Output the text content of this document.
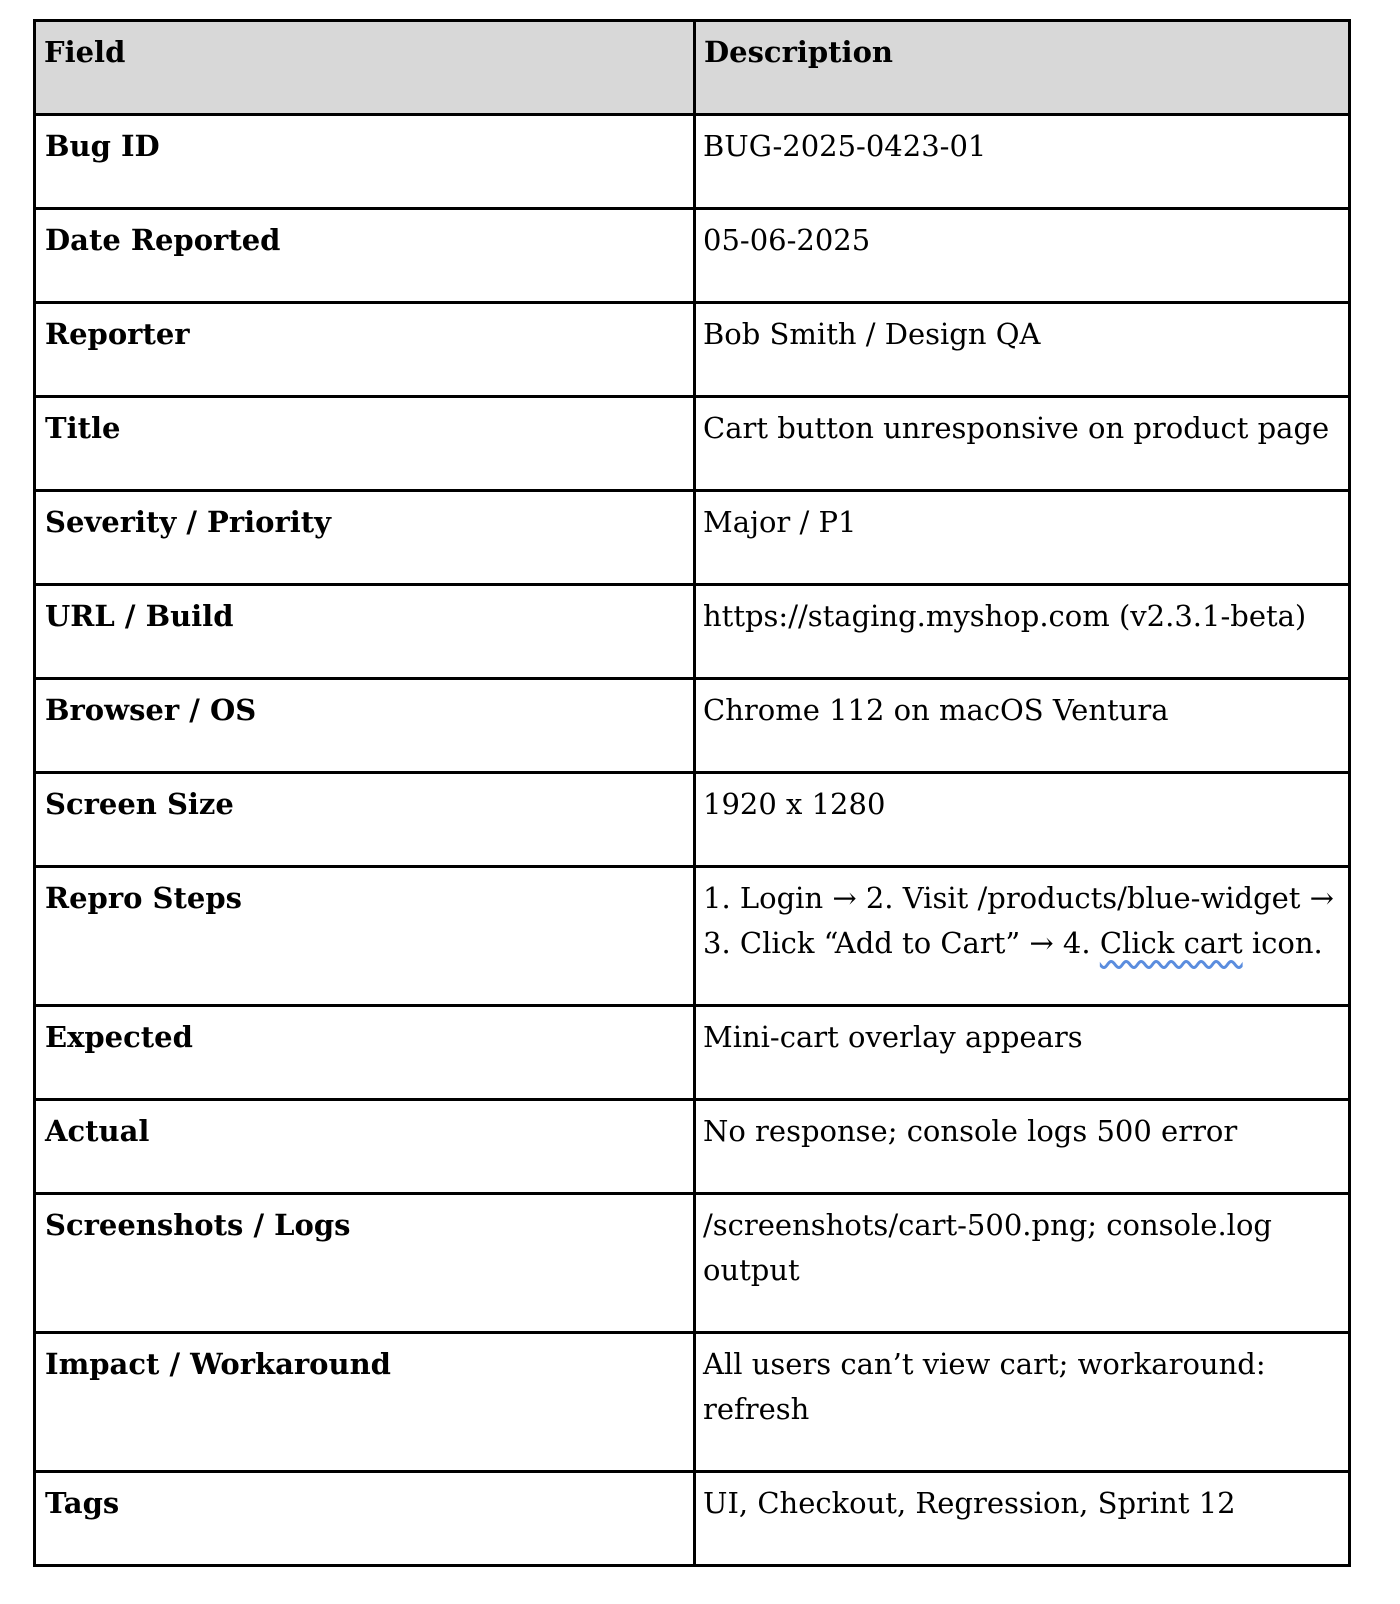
Field	Description
Bug ID	BUG-2025-0423-01
Date Reported	05-06-2025
Reporter	Bob Smith / Design QA
Title	Cart button unresponsive on product page
Severity / Priority	Major / P1
URL / Build	https://staging.myshop.com (v2.3.1-beta)
Browser / OS	Chrome 112 on macOS Ventura
Screen Size	1920 x 1280
Repro Steps	1. Login → 2. Visit /products/blue-widget → 3. Click “Add to Cart” → 4. Click cart icon.
Expected	Mini-cart overlay appears
Actual	No response; console logs 500 error
Screenshots / Logs	/screenshots/cart-500.png; console.log output
Impact / Workaround	All users can’t view cart; workaround: refresh
Tags	UI, Checkout, Regression, Sprint 12
